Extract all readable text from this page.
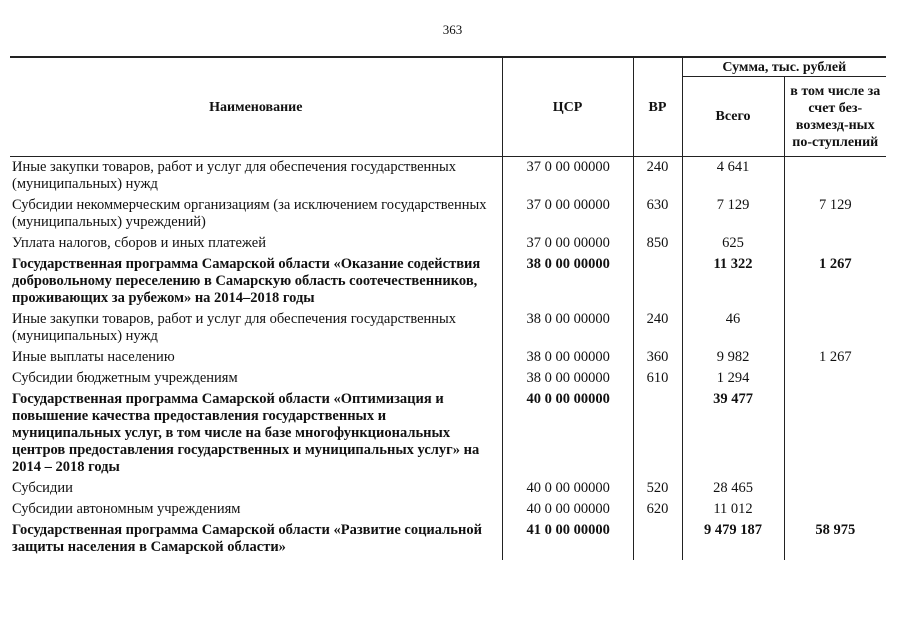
363
Наименование	ЦСР	ВР	Сумма, тыс. рублей	
			Всего	в том числе за счет без-возмезд-ных по-ступлений
Иные закупки товаров, работ и услуг для обеспечения государственных (муниципальных) нужд	37 0 00 00000	240	4 641	
Субсидии некоммерческим организациям (за исключением государственных (муниципальных) учреждений)	37 0 00 00000	630	7 129	7 129
Уплата налогов, сборов и иных платежей	37 0 00 00000	850	625	
Государственная программа Самарской области «Оказание содействия добровольному переселению в Самарскую область соотечественников, проживающих за рубежом» на 2014–2018 годы	38 0 00 00000		11 322	1 267
Иные закупки товаров, работ и услуг для обеспечения государственных (муниципальных) нужд	38 0 00 00000	240	46	
Иные выплаты населению	38 0 00 00000	360	9 982	1 267
Субсидии бюджетным учреждениям	38 0 00 00000	610	1 294	
Государственная программа Самарской области «Оптимизация и повышение качества предоставления государственных и муниципальных услуг, в том числе на базе многофункциональных центров предоставления государственных и муниципальных услуг» на 2014 – 2018 годы	40 0 00 00000		39 477	
Субсидии	40 0 00 00000	520	28 465	
Субсидии автономным учреждениям	40 0 00 00000	620	11 012	
Государственная программа Самарской области «Развитие социальной защиты населения в Самарской области»	41 0 00 00000		9 479 187	58 975
